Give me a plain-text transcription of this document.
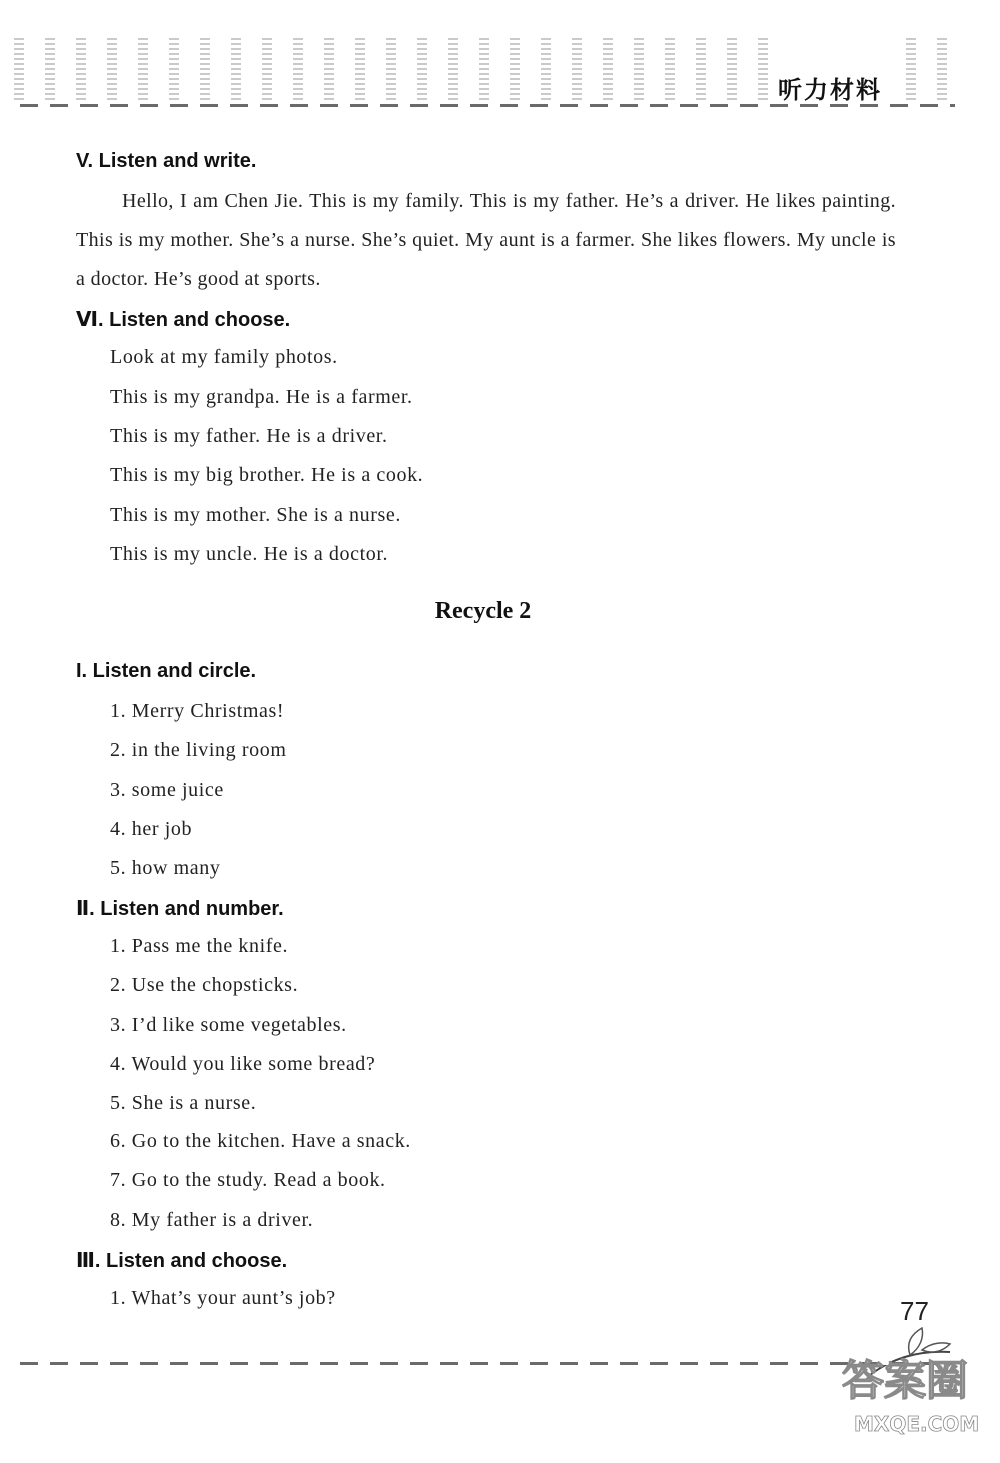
听力材料
V. Listen and write.
Hello, I am Chen Jie. This is my family. This is my father. He’s a driver. He likes painting. This is my mother. She’s a nurse. She’s quiet. My aunt is a farmer. She likes flowers. My uncle is a doctor. He’s good at sports.
Ⅵ. Listen and choose.
Look at my family photos.
This is my grandpa. He is a farmer.
This is my father. He is a driver.
This is my big brother. He is a cook.
This is my mother. She is a nurse.
This is my uncle. He is a doctor.
Recycle 2
I. Listen and circle.
1. Merry Christmas!
2. in the living room
3. some juice
4. her job
5. how many
Ⅱ. Listen and number.
1. Pass me the knife.
2. Use the chopsticks.
3. I’d like some vegetables.
4. Would you like some bread?
5. She is a nurse.
6. Go to the kitchen. Have a snack.
7. Go to the study. Read a book.
8. My father is a driver.
Ⅲ. Listen and choose.
1. What’s your aunt’s job?	77
答案圈
MXQE.COM
